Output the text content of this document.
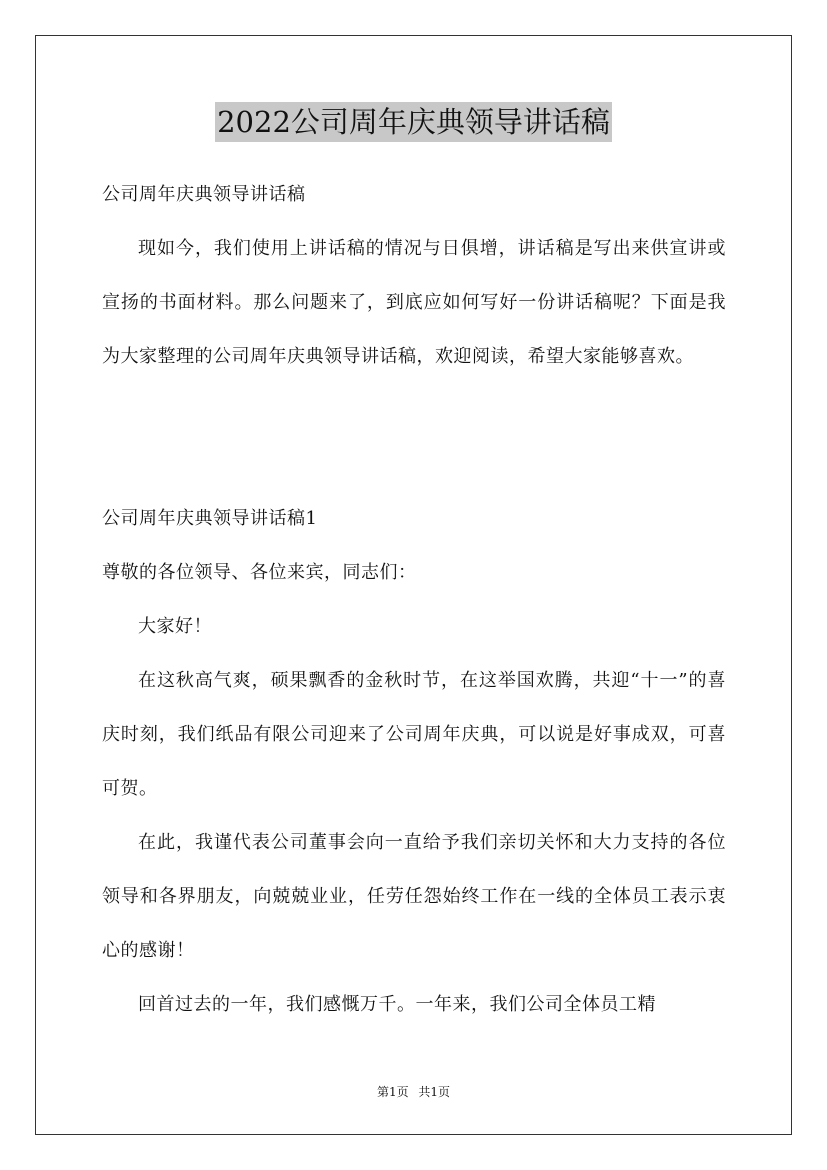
2022公司周年庆典领导讲话稿

公司周年庆典领导讲话稿

现如今，我们使用上讲话稿的情况与日俱增，讲话稿是写出来供宣讲或宣扬的书面材料。那么问题来了，到底应如何写好一份讲话稿呢？下面是我为大家整理的公司周年庆典领导讲话稿，欢迎阅读，希望大家能够喜欢。

公司周年庆典领导讲话稿1

尊敬的各位领导、各位来宾，同志们：

大家好！

在这秋高气爽，硕果飘香的金秋时节，在这举国欢腾，共迎“十一”的喜庆时刻，我们纸品有限公司迎来了公司周年庆典，可以说是好事成双，可喜可贺。

在此，我谨代表公司董事会向一直给予我们亲切关怀和大力支持的各位领导和各界朋友，向兢兢业业，任劳任怨始终工作在一线的全体员工表示衷心的感谢！

回首过去的一年，我们感慨万千。一年来，我们公司全体员工精

第1页 共1页
